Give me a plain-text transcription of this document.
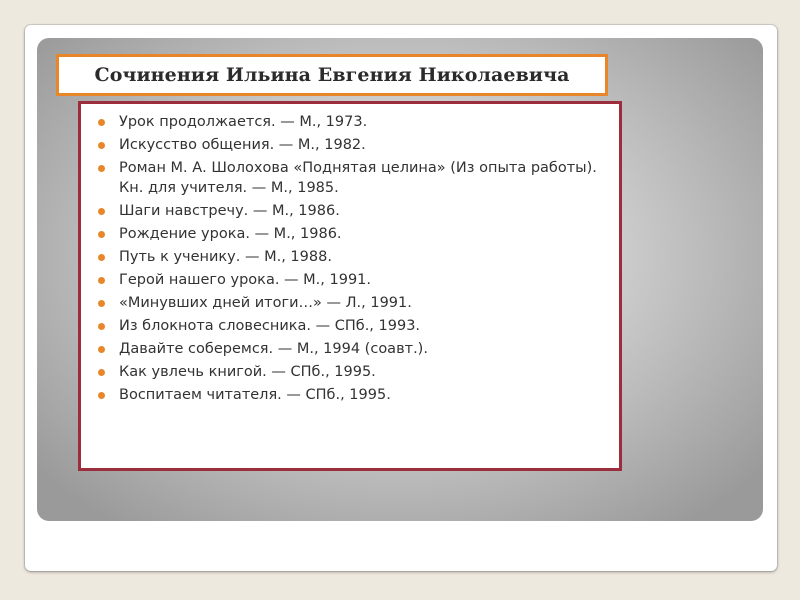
Сочинения Ильина Евгения Николаевича
Урок продолжается. — М., 1973.
Искусство общения. — М., 1982.
Роман М. А. Шолохова «Поднятая целина» (Из опыта работы). Кн. для учителя. — М., 1985.
Шаги навстречу. — М., 1986.
Рождение урока. — М., 1986.
Путь к ученику. — М., 1988.
Герой нашего урока. — М., 1991.
«Минувших дней итоги…» — Л., 1991.
Из блокнота словесника. — СПб., 1993.
Давайте соберемся. — М., 1994 (соавт.).
Как увлечь книгой. — СПб., 1995.
Воспитаем читателя. — СПб., 1995.
